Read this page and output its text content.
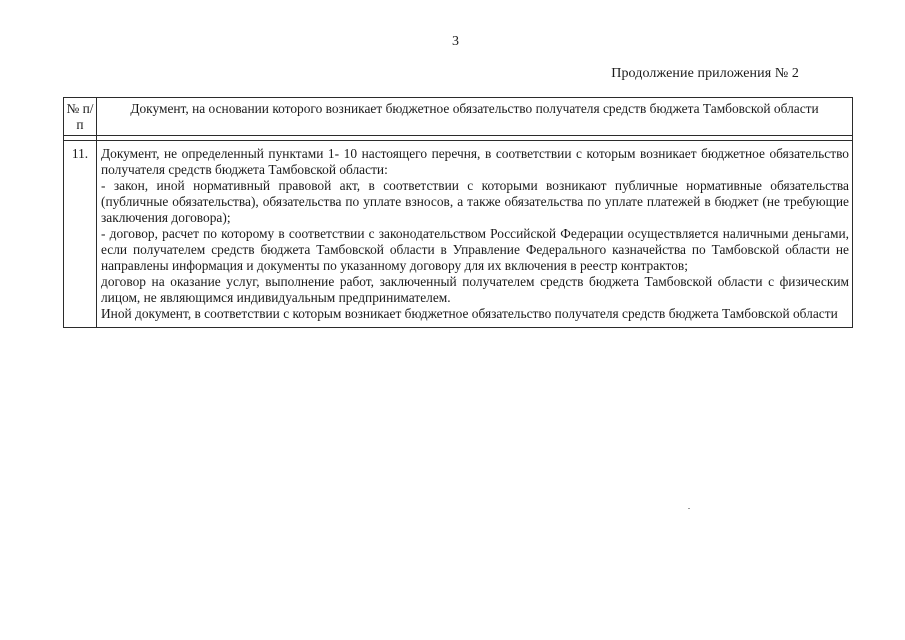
3
Продолжение приложения № 2
№ п/п	Документ, на основании которого возникает бюджетное обязательство получателя средств бюджета Тамбовской области

11.	Документ, не определенный пунктами 1- 10 настоящего перечня, в соответствии с которым возникает бюджетное обязательство получателя средств бюджета Тамбовской области:

- закон, иной нормативный правовой акт, в соответствии с которыми возникают публичные нормативные обязательства (публичные обязательства), обязательства по уплате взносов, а также обязательства по уплате платежей в бюджет (не требующие заключения договора);

- договор, расчет по которому в соответствии с законодательством Российской Федерации осуществляется наличными деньгами, если получателем средств бюджета Тамбовской области в Управление Федерального казначейства по Тамбовской области не направлены информация и документы по указанному договору для их включения в реестр контрактов;

договор на оказание услуг, выполнение работ, заключенный получателем средств бюджета Тамбовской области с физическим лицом, не являющимся индивидуальным предпринимателем.

Иной документ, в соответствии с которым возникает бюджетное обязательство получателя средств бюджета Тамбовской области
